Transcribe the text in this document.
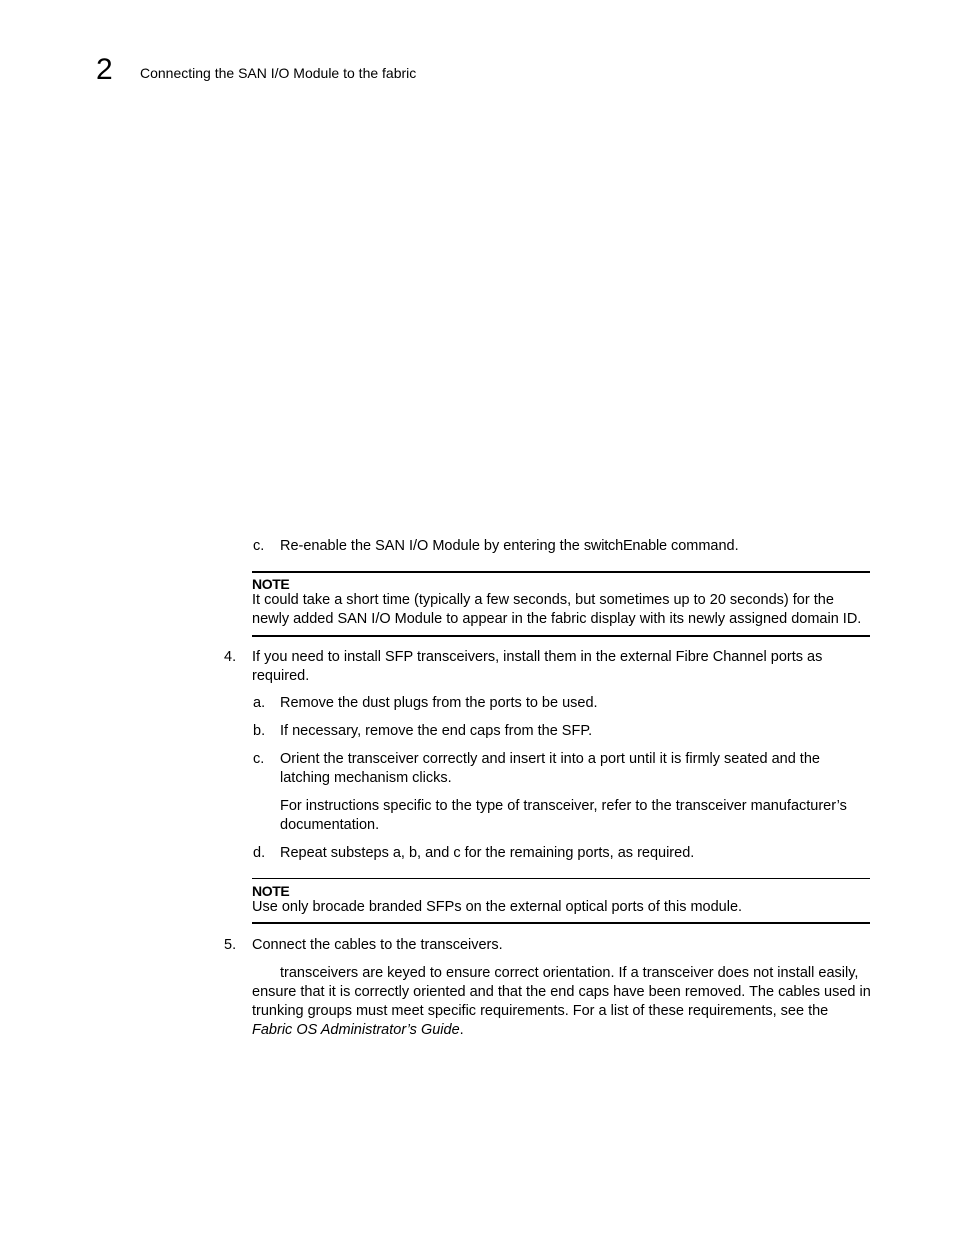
2 Connecting the SAN I/O Module to the fabric
c. Re-enable the SAN I/O Module by entering the switchEnable command.
NOTE
It could take a short time (typically a few seconds, but sometimes up to 20 seconds) for the newly added SAN I/O Module to appear in the fabric display with its newly assigned domain ID.
4. If you need to install SFP transceivers, install them in the external Fibre Channel ports as required.
a. Remove the dust plugs from the ports to be used.
b. If necessary, remove the end caps from the SFP.
c. Orient the transceiver correctly and insert it into a port until it is firmly seated and the latching mechanism clicks.
For instructions specific to the type of transceiver, refer to the transceiver manufacturer’s documentation.
d. Repeat substeps a, b, and c for the remaining ports, as required.
NOTE
Use only brocade branded SFPs on the external optical ports of this module.
5. Connect the cables to the transceivers.
transceivers are keyed to ensure correct orientation. If a transceiver does not install easily, ensure that it is correctly oriented and that the end caps have been removed. The cables used in trunking groups must meet specific requirements. For a list of these requirements, see the Fabric OS Administrator’s Guide.
